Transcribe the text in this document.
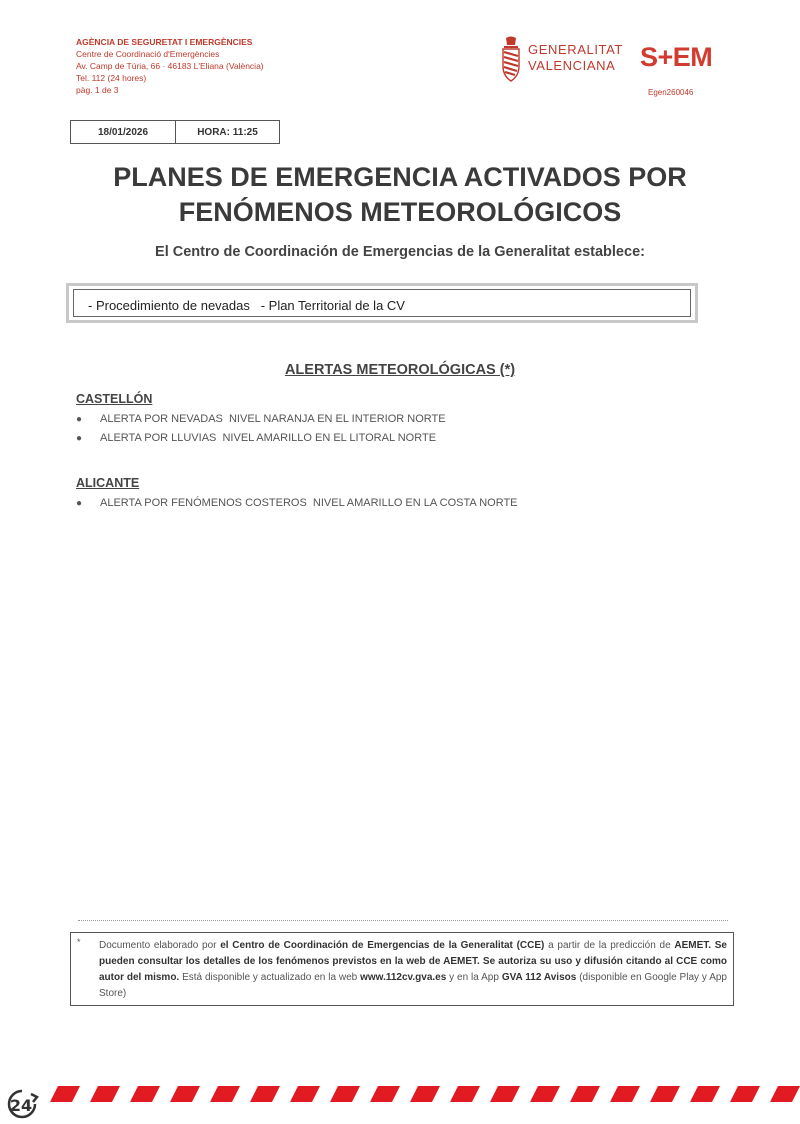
AGÈNCIA DE SEGURETAT I EMERGÈNCIES
Centre de Coordinació d'Emergències
Av. Camp de Túria, 66 · 46183 L'Eliana (València)
Tel. 112 (24 hores)
pàg. 1 de 3
GENERALITAT
VALENCIANA S+EM
Egen260046
18/01/2026	HORA: 11:25
PLANES DE EMERGENCIA ACTIVADOS POR
FENÓMENOS METEOROLÓGICOS
El Centro de Coordinación de Emergencias de la Generalitat establece:
- Procedimiento de nevadas   - Plan Territorial de la CV
ALERTAS METEOROLÓGICAS (*)
CASTELLÓN
● ALERTA POR NEVADAS  NIVEL NARANJA EN EL INTERIOR NORTE
● ALERTA POR LLUVIAS  NIVEL AMARILLO EN EL LITORAL NORTE
ALICANTE
● ALERTA POR FENÓMENOS COSTEROS  NIVEL AMARILLO EN LA COSTA NORTE
* Documento elaborado por el Centro de Coordinación de Emergencias de la Generalitat (CCE) a partir de la predicción de AEMET. Se pueden consultar los detalles de los fenómenos previstos en la web de AEMET. Se autoriza su uso y difusión citando al CCE como autor del mismo. Está disponible y actualizado en la web www.112cv.gva.es y en la App GVA 112 Avisos (disponible en Google Play y App Store)

24
